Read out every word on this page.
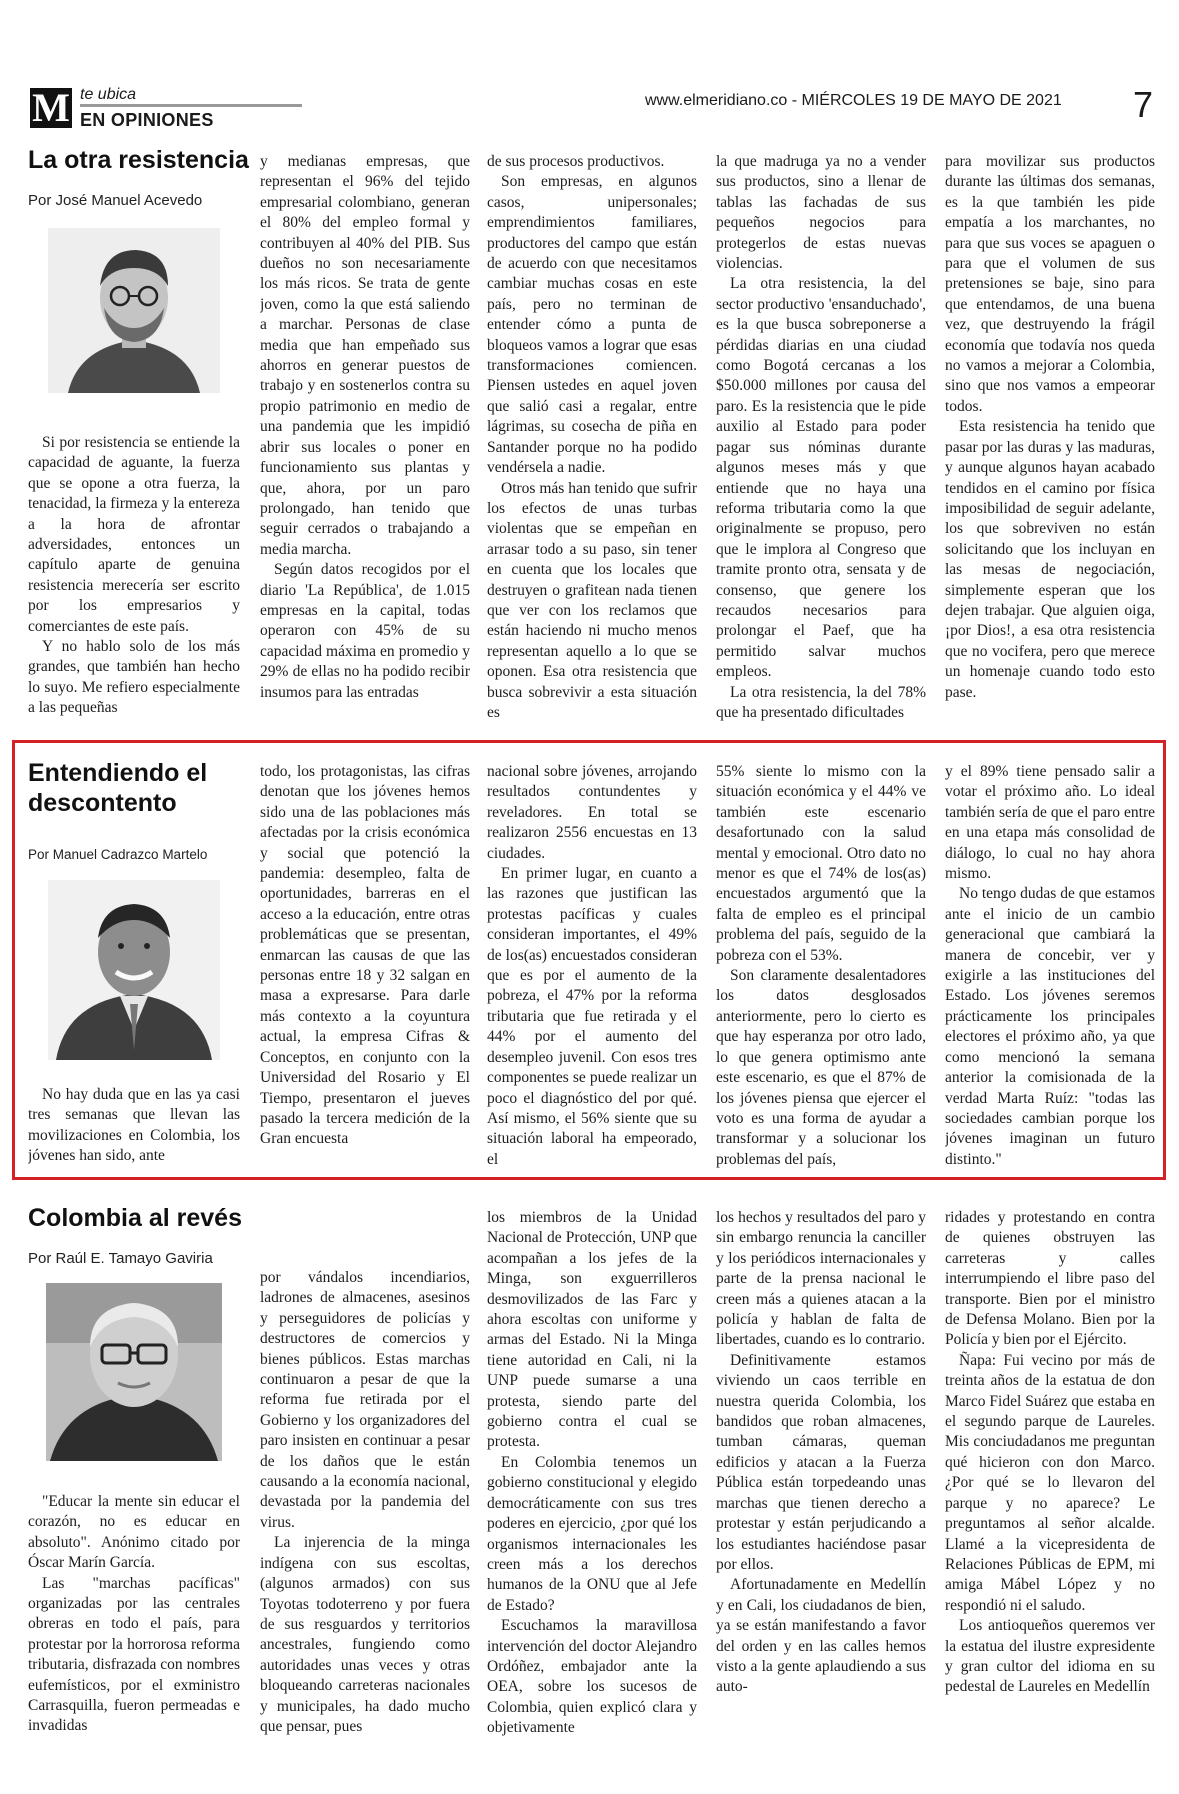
M te ubica
EN OPINIONES
www.elmeridiano.co - MIÉRCOLES 19 DE MAYO DE 2021 7
La otra resistencia
Por José Manuel Acevedo

Si por resistencia se entiende la capacidad de aguante, la fuerza que se opone a otra fuerza, la tenacidad, la firmeza y la entereza a la hora de afrontar adversidades, entonces un capítulo aparte de genuina resistencia merecería ser escrito por los empresarios y comerciantes de este país.

Y no hablo solo de los más grandes, que también han hecho lo suyo. Me refiero especialmente a las pequeñas

y medianas empresas, que representan el 96% del tejido empresarial colombiano, generan el 80% del empleo formal y contribuyen al 40% del PIB. Sus dueños no son necesariamente los más ricos. Se trata de gente joven, como la que está saliendo a marchar. Personas de clase media que han empeñado sus ahorros en generar puestos de trabajo y en sostenerlos contra su propio patrimonio en medio de una pandemia que les impidió abrir sus locales o poner en funcionamiento sus plantas y que, ahora, por un paro prolongado, han tenido que seguir cerrados o trabajando a media marcha.

Según datos recogidos por el diario 'La República', de 1.015 empresas en la capital, todas operaron con 45% de su capacidad máxima en promedio y 29% de ellas no ha podido recibir insumos para las entradas

de sus procesos productivos.

Son empresas, en algunos casos, unipersonales; emprendimientos familiares, productores del campo que están de acuerdo con que necesitamos cambiar muchas cosas en este país, pero no terminan de entender cómo a punta de bloqueos vamos a lograr que esas transformaciones comiencen. Piensen ustedes en aquel joven que salió casi a regalar, entre lágrimas, su cosecha de piña en Santander porque no ha podido vendérsela a nadie.

Otros más han tenido que sufrir los efectos de unas turbas violentas que se empeñan en arrasar todo a su paso, sin tener en cuenta que los locales que destruyen o grafitean nada tienen que ver con los reclamos que están haciendo ni mucho menos representan aquello a lo que se oponen. Esa otra resistencia que busca sobrevivir a esta situación es

la que madruga ya no a vender sus productos, sino a llenar de tablas las fachadas de sus pequeños negocios para protegerlos de estas nuevas violencias.

La otra resistencia, la del sector productivo 'ensanduchado', es la que busca sobreponerse a pérdidas diarias en una ciudad como Bogotá cercanas a los $50.000 millones por causa del paro. Es la resistencia que le pide auxilio al Estado para poder pagar sus nóminas durante algunos meses más y que entiende que no haya una reforma tributaria como la que originalmente se propuso, pero que le implora al Congreso que tramite pronto otra, sensata y de consenso, que genere los recaudos necesarios para prolongar el Paef, que ha permitido salvar muchos empleos.

La otra resistencia, la del 78% que ha presentado dificultades

para movilizar sus productos durante las últimas dos semanas, es la que también les pide empatía a los marchantes, no para que sus voces se apaguen o para que el volumen de sus pretensiones se baje, sino para que entendamos, de una buena vez, que destruyendo la frágil economía que todavía nos queda no vamos a mejorar a Colombia, sino que nos vamos a empeorar todos.

Esta resistencia ha tenido que pasar por las duras y las maduras, y aunque algunos hayan acabado tendidos en el camino por física imposibilidad de seguir adelante, los que sobreviven no están solicitando que los incluyan en las mesas de negociación, simplemente esperan que los dejen trabajar. Que alguien oiga, ¡por Dios!, a esa otra resistencia que no vocifera, pero que merece un homenaje cuando todo esto pase.

Entendiendo el descontento
Por Manuel Cadrazco Martelo

No hay duda que en las ya casi tres semanas que llevan las movilizaciones en Colombia, los jóvenes han sido, ante

todo, los protagonistas, las cifras denotan que los jóvenes hemos sido una de las poblaciones más afectadas por la crisis económica y social que potenció la pandemia: desempleo, falta de oportunidades, barreras en el acceso a la educación, entre otras problemáticas que se presentan, enmarcan las causas de que las personas entre 18 y 32 salgan en masa a expresarse. Para darle más contexto a la coyuntura actual, la empresa Cifras & Conceptos, en conjunto con la Universidad del Rosario y El Tiempo, presentaron el jueves pasado la tercera medición de la Gran encuesta

nacional sobre jóvenes, arrojando resultados contundentes y reveladores. En total se realizaron 2556 encuestas en 13 ciudades.

En primer lugar, en cuanto a las razones que justifican las protestas pacíficas y cuales consideran importantes, el 49% de los(as) encuestados consideran que es por el aumento de la pobreza, el 47% por la reforma tributaria que fue retirada y el 44% por el aumento del desempleo juvenil. Con esos tres componentes se puede realizar un poco el diagnóstico del por qué. Así mismo, el 56% siente que su situación laboral ha empeorado, el

55% siente lo mismo con la situación económica y el 44% ve también este escenario desafortunado con la salud mental y emocional. Otro dato no menor es que el 74% de los(as) encuestados argumentó que la falta de empleo es el principal problema del país, seguido de la pobreza con el 53%.

Son claramente desalentadores los datos desglosados anteriormente, pero lo cierto es que hay esperanza por otro lado, lo que genera optimismo ante este escenario, es que el 87% de los jóvenes piensa que ejercer el voto es una forma de ayudar a transformar y a solucionar los problemas del país,

y el 89% tiene pensado salir a votar el próximo año. Lo ideal también sería de que el paro entre en una etapa más consolidad de diálogo, lo cual no hay ahora mismo.

No tengo dudas de que estamos ante el inicio de un cambio generacional que cambiará la manera de concebir, ver y exigirle a las instituciones del Estado. Los jóvenes seremos prácticamente los principales electores el próximo año, ya que como mencionó la semana anterior la comisionada de la verdad Marta Ruíz: "todas las sociedades cambian porque los jóvenes imaginan un futuro distinto."

Colombia al revés
Por Raúl E. Tamayo Gaviria

"Educar la mente sin educar el corazón, no es educar en absoluto". Anónimo citado por Óscar Marín García.

Las "marchas pacíficas" organizadas por las centrales obreras en todo el país, para protestar por la horrorosa reforma tributaria, disfrazada con nombres eufemísticos, por el exministro Carrasquilla, fueron permeadas e invadidas

por vándalos incendiarios, ladrones de almacenes, asesinos y perseguidores de policías y destructores de comercios y bienes públicos. Estas marchas continuaron a pesar de que la reforma fue retirada por el Gobierno y los organizadores del paro insisten en continuar a pesar de los daños que le están causando a la economía nacional, devastada por la pandemia del virus.

La injerencia de la minga indígena con sus escoltas, (algunos armados) con sus Toyotas todoterreno y por fuera de sus resguardos y territorios ancestrales, fungiendo como autoridades unas veces y otras bloqueando carreteras nacionales y municipales, ha dado mucho que pensar, pues

los miembros de la Unidad Nacional de Protección, UNP que acompañan a los jefes de la Minga, son exguerrilleros desmovilizados de las Farc y ahora escoltas con uniforme y armas del Estado. Ni la Minga tiene autoridad en Cali, ni la UNP puede sumarse a una protesta, siendo parte del gobierno contra el cual se protesta.

En Colombia tenemos un gobierno constitucional y elegido democráticamente con sus tres poderes en ejercicio, ¿por qué los organismos internacionales les creen más a los derechos humanos de la ONU que al Jefe de Estado?

Escuchamos la maravillosa intervención del doctor Alejandro Ordóñez, embajador ante la OEA, sobre los sucesos de Colombia, quien explicó clara y objetivamente

los hechos y resultados del paro y sin embargo renuncia la canciller y los periódicos internacionales y parte de la prensa nacional le creen más a quienes atacan a la policía y hablan de falta de libertades, cuando es lo contrario.

Definitivamente estamos viviendo un caos terrible en nuestra querida Colombia, los bandidos que roban almacenes, tumban cámaras, queman edificios y atacan a la Fuerza Pública están torpedeando unas marchas que tienen derecho a protestar y están perjudicando a los estudiantes haciéndose pasar por ellos.

Afortunadamente en Medellín y en Cali, los ciudadanos de bien, ya se están manifestando a favor del orden y en las calles hemos visto a la gente aplaudiendo a sus auto-

ridades y protestando en contra de quienes obstruyen las carreteras y calles interrumpiendo el libre paso del transporte. Bien por el ministro de Defensa Molano. Bien por la Policía y bien por el Ejército.

Ñapa: Fui vecino por más de treinta años de la estatua de don Marco Fidel Suárez que estaba en el segundo parque de Laureles. Mis conciudadanos me preguntan qué hicieron con don Marco. ¿Por qué se lo llevaron del parque y no aparece? Le preguntamos al señor alcalde. Llamé a la vicepresidenta de Relaciones Públicas de EPM, mi amiga Mábel López y no respondió ni el saludo.

Los antioqueños queremos ver la estatua del ilustre expresidente y gran cultor del idioma en su pedestal de Laureles en Medellín
